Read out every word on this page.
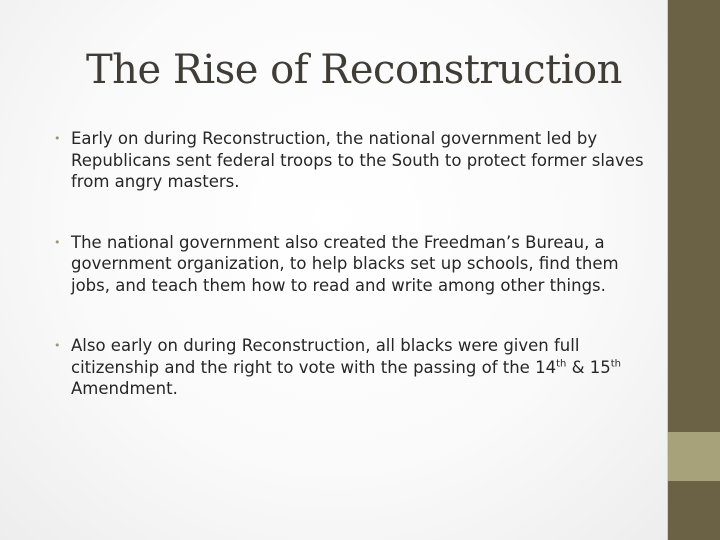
The Rise of Reconstruction
• Early on during Reconstruction, the national government led by Republicans sent federal troops to the South to protect former slaves from angry masters.
• The national government also created the Freedman’s Bureau, a government organization, to help blacks set up schools, find them jobs, and teach them how to read and write among other things.
• Also early on during Reconstruction, all blacks were given full citizenship and the right to vote with the passing of the 14th & 15th Amendment.
